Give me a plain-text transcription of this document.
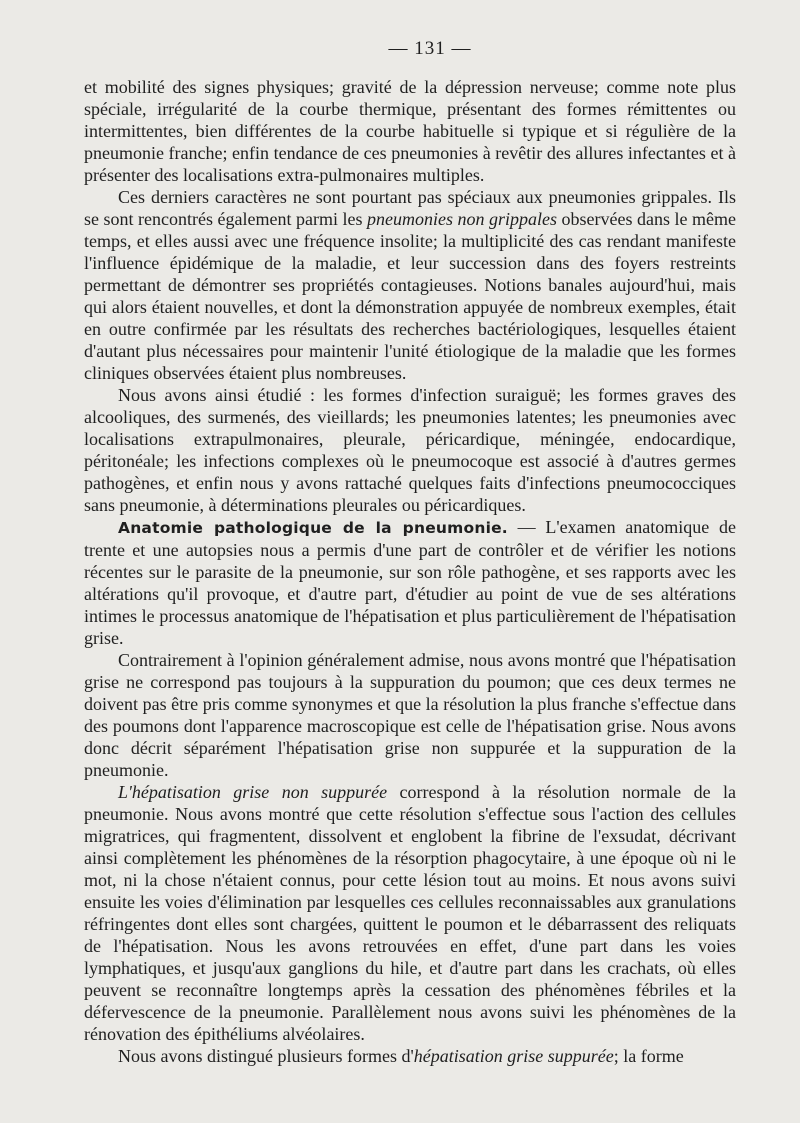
— 131 —

et mobilité des signes physiques; gravité de la dépression nerveuse; comme note plus spéciale, irrégularité de la courbe thermique, présentant des formes rémittentes ou intermittentes, bien différentes de la courbe habituelle si typique et si régulière de la pneumonie franche; enfin tendance de ces pneumonies à revêtir des allures infectantes et à présenter des localisations extra-pulmonaires multiples.

Ces derniers caractères ne sont pourtant pas spéciaux aux pneumonies grippales. Ils se sont rencontrés également parmi les pneumonies non grippales observées dans le même temps, et elles aussi avec une fréquence insolite; la multiplicité des cas rendant manifeste l'influence épidémique de la maladie, et leur succession dans des foyers restreints permettant de démontrer ses propriétés contagieuses. Notions banales aujourd'hui, mais qui alors étaient nouvelles, et dont la démonstration appuyée de nombreux exemples, était en outre confirmée par les résultats des recherches bactériologiques, lesquelles étaient d'autant plus nécessaires pour maintenir l'unité étiologique de la maladie que les formes cliniques observées étaient plus nombreuses.

Nous avons ainsi étudié : les formes d'infection suraiguë; les formes graves des alcooliques, des surmenés, des vieillards; les pneumonies latentes; les pneumonies avec localisations extrapulmonaires, pleurale, péricardique, méningée, endocardique, péritonéale; les infections complexes où le pneumocoque est associé à d'autres germes pathogènes, et enfin nous y avons rattaché quelques faits d'infections pneumococciques sans pneumonie, à déterminations pleurales ou péricardiques.

Anatomie pathologique de la pneumonie. — L'examen anatomique de trente et une autopsies nous a permis d'une part de contrôler et de vérifier les notions récentes sur le parasite de la pneumonie, sur son rôle pathogène, et ses rapports avec les altérations qu'il provoque, et d'autre part, d'étudier au point de vue de ses altérations intimes le processus anatomique de l'hépatisation et plus particulièrement de l'hépatisation grise.

Contrairement à l'opinion généralement admise, nous avons montré que l'hépatisation grise ne correspond pas toujours à la suppuration du poumon; que ces deux termes ne doivent pas être pris comme synonymes et que la résolution la plus franche s'effectue dans des poumons dont l'apparence macroscopique est celle de l'hépatisation grise. Nous avons donc décrit séparément l'hépatisation grise non suppurée et la suppuration de la pneumonie.

L'hépatisation grise non suppurée correspond à la résolution normale de la pneumonie. Nous avons montré que cette résolution s'effectue sous l'action des cellules migratrices, qui fragmentent, dissolvent et englobent la fibrine de l'exsudat, décrivant ainsi complètement les phénomènes de la résorption phagocytaire, à une époque où ni le mot, ni la chose n'étaient connus, pour cette lésion tout au moins. Et nous avons suivi ensuite les voies d'élimination par lesquelles ces cellules reconnaissables aux granulations réfringentes dont elles sont chargées, quittent le poumon et le débarrassent des reliquats de l'hépatisation. Nous les avons retrouvées en effet, d'une part dans les voies lymphatiques, et jusqu'aux ganglions du hile, et d'autre part dans les crachats, où elles peuvent se reconnaître longtemps après la cessation des phénomènes fébriles et la défervescence de la pneumonie. Parallèlement nous avons suivi les phénomènes de la rénovation des épithéliums alvéolaires.

Nous avons distingué plusieurs formes d'hépatisation grise suppurée; la forme
